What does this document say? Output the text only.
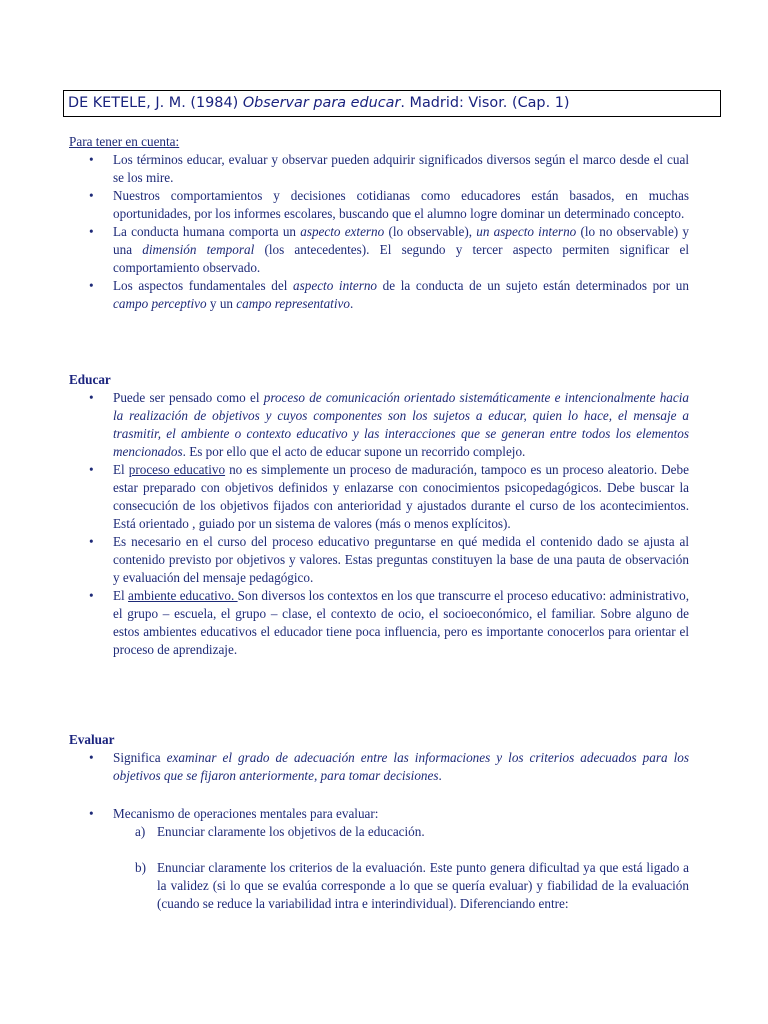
DE KETELE, J. M. (1984) Observar para educar. Madrid: Visor. (Cap. 1)
Para tener en cuenta:
• Los términos educar, evaluar y observar pueden adquirir significados diversos según el marco desde el cual se los mire.
• Nuestros comportamientos y decisiones cotidianas como educadores están basados, en muchas oportunidades, por los informes escolares, buscando que el alumno logre dominar un determinado concepto.
• La conducta humana comporta un aspecto externo (lo observable), un aspecto interno (lo no observable) y una dimensión temporal (los antecedentes). El segundo y tercer aspecto permiten significar el comportamiento observado.
• Los aspectos fundamentales del aspecto interno de la conducta de un sujeto están determinados por un campo perceptivo y un campo representativo.
Educar
• Puede ser pensado como el proceso de comunicación orientado sistemáticamente e intencionalmente hacia la realización de objetivos y cuyos componentes son los sujetos a educar, quien lo hace, el mensaje a trasmitir, el ambiente o contexto educativo y las interacciones que se generan entre todos los elementos mencionados. Es por ello que el acto de educar supone un recorrido complejo.
• El proceso educativo no es simplemente un proceso de maduración, tampoco es un proceso aleatorio. Debe estar preparado con objetivos definidos y enlazarse con conocimientos psicopedagógicos. Debe buscar la consecución de los objetivos fijados con anterioridad y ajustados durante el curso de los acontecimientos. Está orientado , guiado por un sistema de valores (más o menos explícitos).
• Es necesario en el curso del proceso educativo preguntarse en qué medida el contenido dado se ajusta al contenido previsto por objetivos y valores. Estas preguntas constituyen la base de una pauta de observación y evaluación del mensaje pedagógico.
• El ambiente educativo. Son diversos los contextos en los que transcurre el proceso educativo: administrativo, el grupo – escuela, el grupo – clase, el contexto de ocio, el socioeconómico, el familiar. Sobre alguno de estos ambientes educativos el educador tiene poca influencia, pero es importante conocerlos para orientar el proceso de aprendizaje.
Evaluar
• Significa examinar el grado de adecuación entre las informaciones y los criterios adecuados para los objetivos que se fijaron anteriormente, para tomar decisiones.
• Mecanismo de operaciones mentales para evaluar:
a) Enunciar claramente los objetivos de la educación.
b) Enunciar claramente los criterios de la evaluación. Este punto genera dificultad ya que está ligado a la validez (si lo que se evalúa corresponde a lo que se quería evaluar) y fiabilidad de la evaluación (cuando se reduce la variabilidad intra e interindividual). Diferenciando entre:
